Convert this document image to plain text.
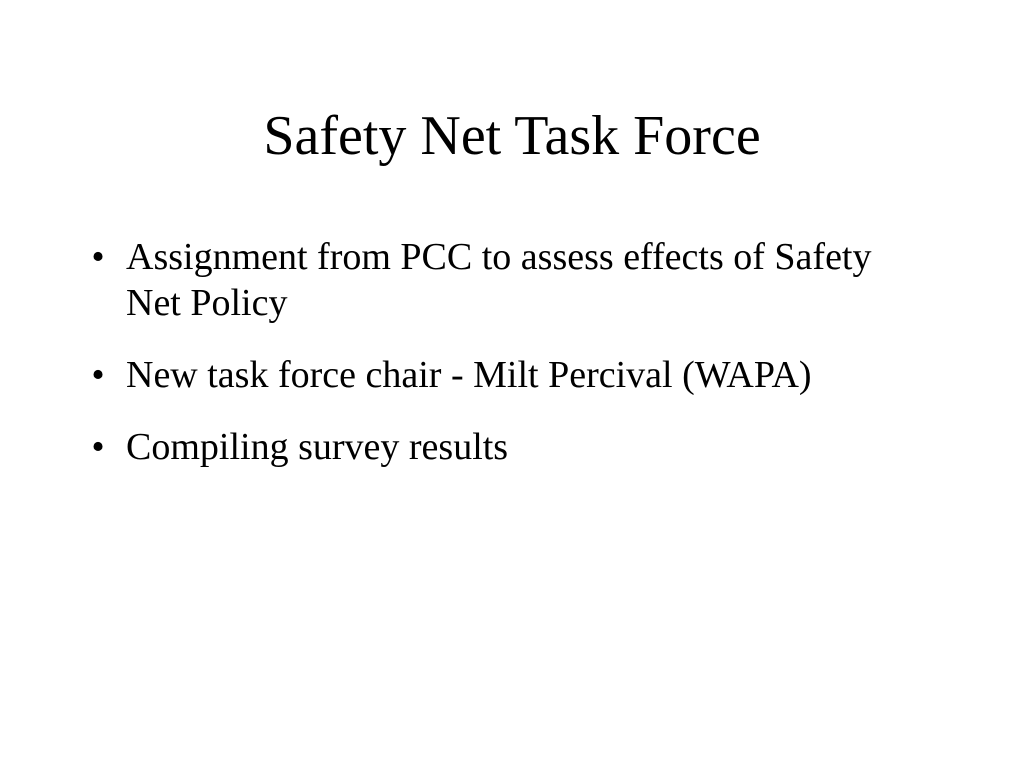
Safety Net Task Force
• Assignment from PCC to assess effects of Safety Net Policy
• New task force chair - Milt Percival (WAPA)
• Compiling survey results
